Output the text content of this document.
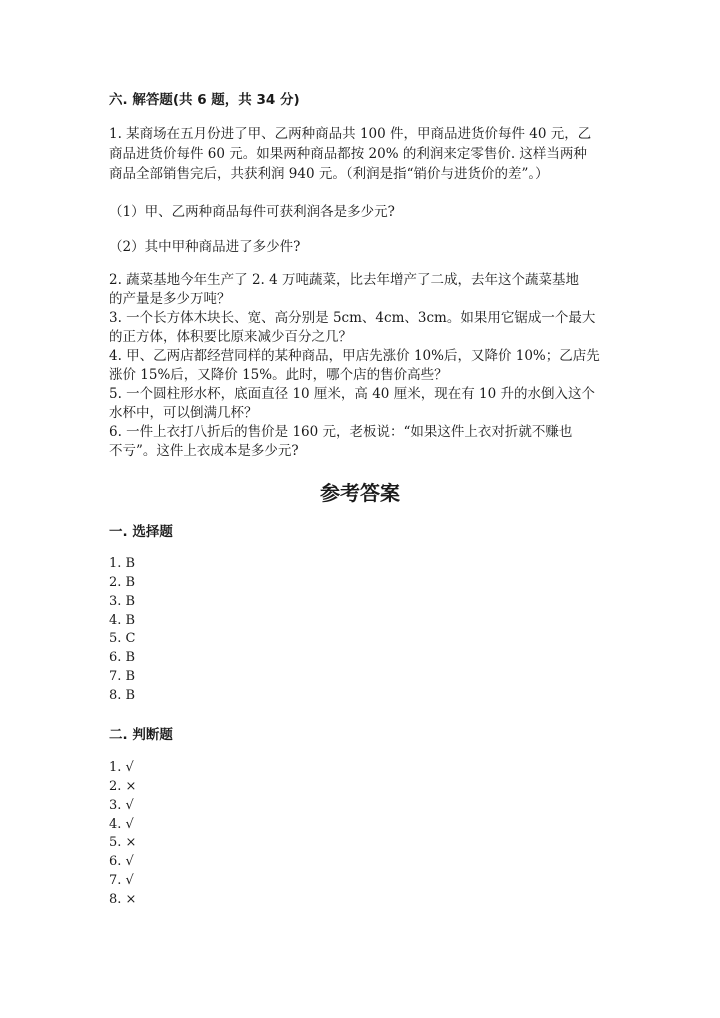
六. 解答题(共 6 题，共 34 分)
1. 某商场在五月份进了甲、乙两种商品共 100 件，甲商品进货价每件 40 元，乙
商品进货价每件 60 元。如果两种商品都按 20% 的利润来定零售价. 这样当两种
商品全部销售完后，共获利润 940 元。（利润是指“销价与进货价的差”。）
（1）甲、乙两种商品每件可获利润各是多少元?
（2）其中甲种商品进了多少件?
2. 蔬菜基地今年生产了 2. 4 万吨蔬菜，比去年增产了二成，去年这个蔬菜基地
的产量是多少万吨？
3. 一个长方体木块长、宽、高分别是 5cm、4cm、3cm。如果用它锯成一个最大
的正方体，体积要比原来减少百分之几？
4. 甲、乙两店都经营同样的某种商品，甲店先涨价 10%后，又降价 10%；乙店先
涨价 15%后，又降价 15%。此时，哪个店的售价高些？
5. 一个圆柱形水杯，底面直径 10 厘米，高 40 厘米，现在有 10 升的水倒入这个
水杯中，可以倒满几杯？
6. 一件上衣打八折后的售价是 160 元，老板说：“如果这件上衣对折就不赚也
不亏”。这件上衣成本是多少元?
参考答案
一. 选择题
1. B
2. B
3. B
4. B
5. C
6. B
7. B
8. B
二. 判断题
1. √
2. ×
3. √
4. √
5. ×
6. √
7. √
8. ×
